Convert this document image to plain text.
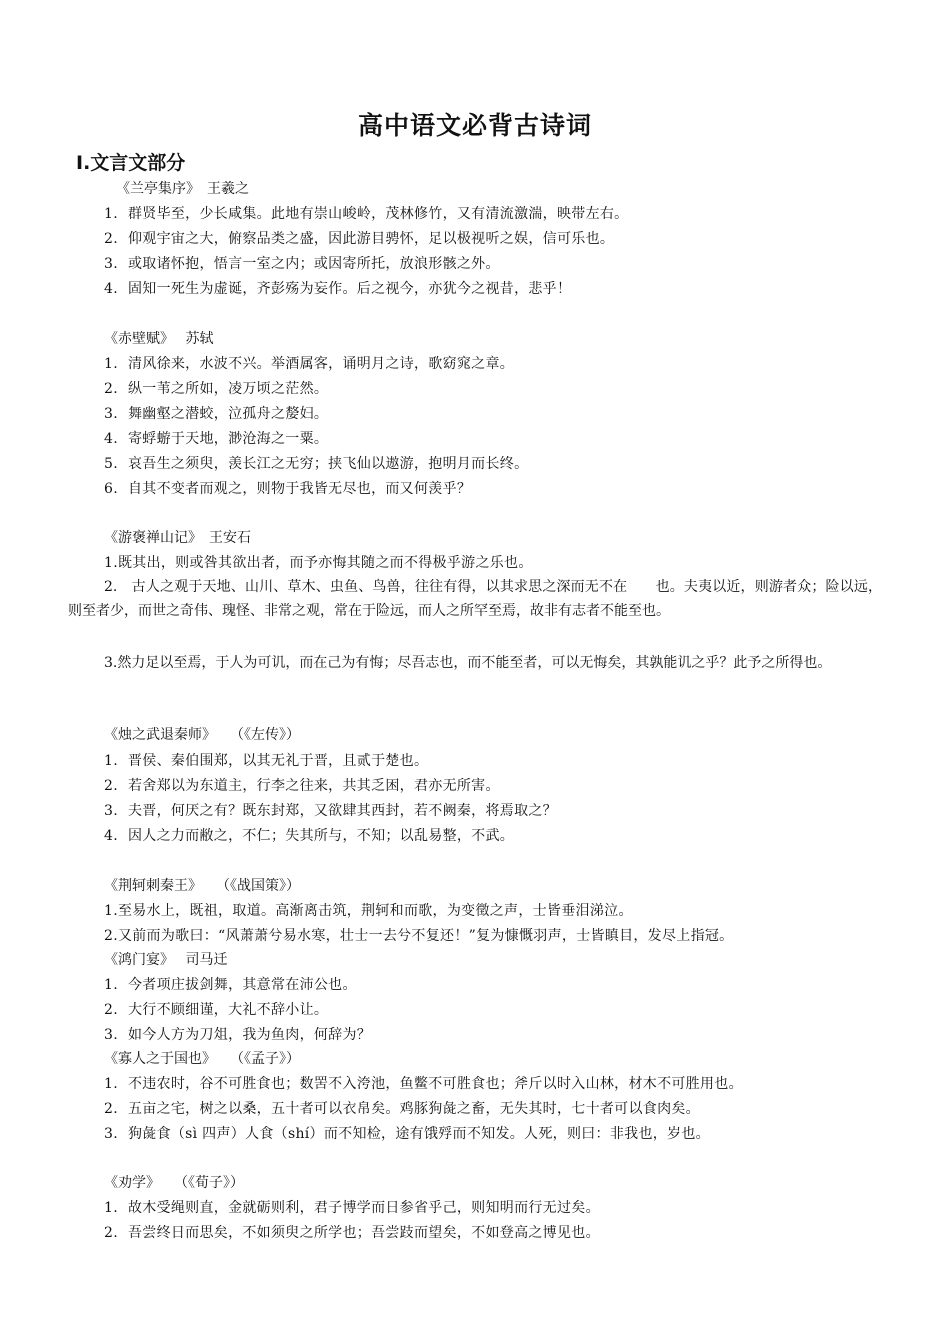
高中语文必背古诗词
Ⅰ.文言文部分
《兰亭集序》　王羲之
1. 群贤毕至，少长咸集。此地有崇山峻岭，茂林修竹，又有清流激湍，映带左右。
2. 仰观宇宙之大，俯察品类之盛，因此游目骋怀，足以极视听之娱，信可乐也。
3. 或取诸怀抱，悟言一室之内；或因寄所托，放浪形骸之外。
4. 固知一死生为虚诞，齐彭殇为妄作。后之视今，亦犹今之视昔，悲乎！
《赤壁赋》　 苏轼
1. 清风徐来，水波不兴。举酒属客，诵明月之诗，歌窈窕之章。
2. 纵一苇之所如，凌万顷之茫然。
3. 舞幽壑之潜蛟，泣孤舟之嫠妇。
4. 寄蜉蝣于天地，渺沧海之一粟。
5. 哀吾生之须臾，羡长江之无穷；挟飞仙以遨游，抱明月而长终。
6. 自其不变者而观之，则物于我皆无尽也，而又何羡乎？
《游褒禅山记》　王安石
1.既其出，则或咎其欲出者，而予亦悔其随之而不得极乎游之乐也。
2.　古人之观于天地、山川、草木、虫鱼、鸟兽，往往有得，以其求思之深而无不在　　也。夫夷以近，则游者众；险以远，则至者少，而世之奇伟、瑰怪、非常之观，常在于险远，而人之所罕至焉，故非有志者不能至也。
3.然力足以至焉，于人为可讥，而在己为有悔；尽吾志也，而不能至者，可以无悔矣，其孰能讥之乎？此予之所得也。
《烛之武退秦师》　　（《左传》）
1. 晋侯、秦伯围郑，以其无礼于晋，且贰于楚也。
2. 若舍郑以为东道主，行李之往来，共其乏困，君亦无所害。
3. 夫晋，何厌之有？既东封郑，又欲肆其西封，若不阙秦，将焉取之？
4. 因人之力而敝之，不仁；失其所与，不知；以乱易整，不武。
《荆轲刺秦王》　　（《战国策》）
1.至易水上，既祖，取道。高渐离击筑，荆轲和而歌，为变徵之声，士皆垂泪涕泣。
2.又前而为歌曰：“风萧萧兮易水寒，壮士一去兮不复还！”复为慷慨羽声，士皆瞋目，发尽上指冠。
《鸿门宴》　 司马迁
1. 今者项庄拔剑舞，其意常在沛公也。
2. 大行不顾细谨，大礼不辞小让。
3. 如今人方为刀俎，我为鱼肉，何辞为？
《寡人之于国也》　　（《孟子》）
1. 不违农时，谷不可胜食也；数罟不入洿池，鱼鳖不可胜食也；斧斤以时入山林，材木不可胜用也。
2. 五亩之宅，树之以桑，五十者可以衣帛矣。鸡豚狗彘之畜，无失其时，七十者可以食肉矣。
3. 狗彘食（sì 四声）人食（shí）而不知检，途有饿殍而不知发。人死，则曰：非我也，岁也。
《劝学》　　（《荀子》）
1. 故木受绳则直，金就砺则利，君子博学而日参省乎己，则知明而行无过矣。
2. 吾尝终日而思矣，不如须臾之所学也；吾尝跂而望矣，不如登高之博见也。
